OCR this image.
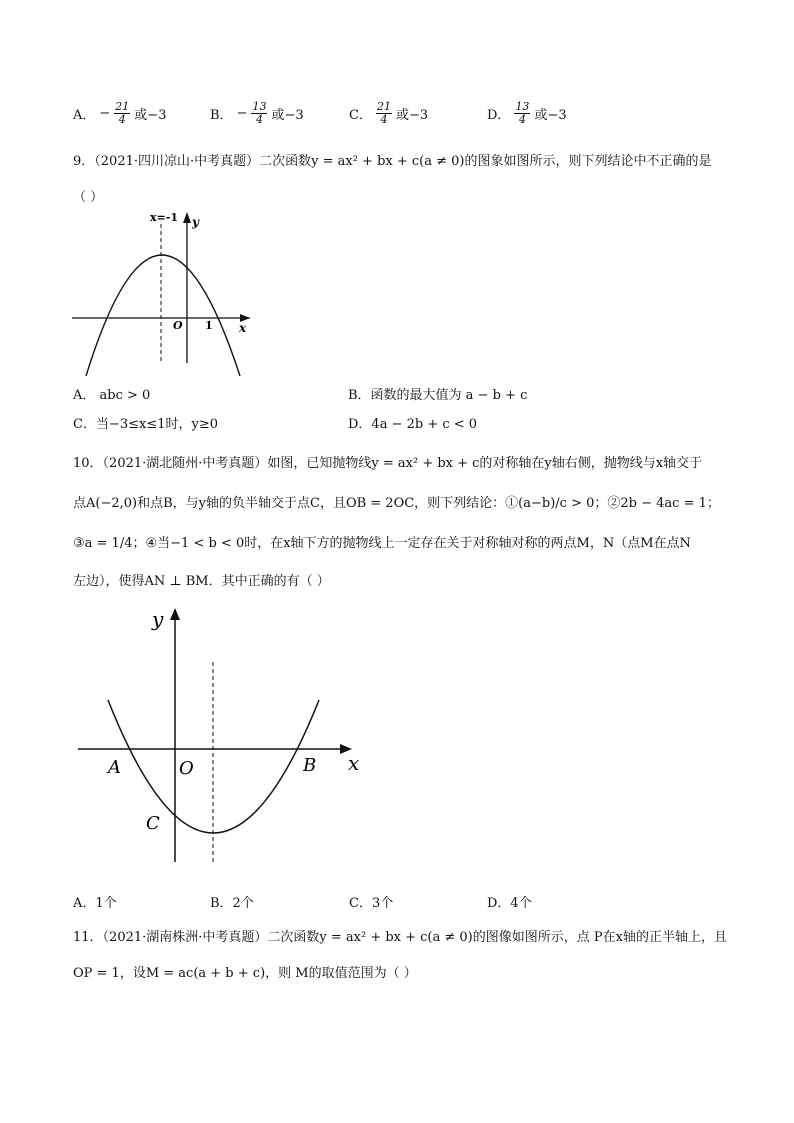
A． − $\frac{21}{4}$ 或−3	B． − $\frac{13}{4}$ 或−3	C． $\frac{21}{4}$ 或−3	D． $\frac{13}{4}$ 或−3
9．（2021·四川凉山·中考真题）二次函数y = ax² + bx + c(a ≠ 0)的图象如图所示，则下列结论中不正确的是
（ ）
x=-1 y
x
O 1
A． abc > 0	B．函数的最大值为 a − b + c
C．当−3≤x≤1时，y≥0	D．4a − 2b + c < 0
10．（2021·湖北随州·中考真题）如图，已知抛物线y = ax² + bx + c的对称轴在y轴右侧，抛物线与x轴交于
点A(−2,0)和点B，与y轴的负半轴交于点C，且OB = 2OC，则下列结论：①(a−b)/c > 0；②2b − 4ac = 1；
③a = 1/4；④当−1 < b < 0时，在x轴下方的抛物线上一定存在关于对称轴对称的两点M，N（点M在点N
左边），使得AN ⊥ BM．其中正确的有（ ）
y
x
A	O	B
C
A．1个	B．2个	C．3个	D．4个
11．（2021·湖南株洲·中考真题）二次函数y = ax² + bx + c(a ≠ 0)的图像如图所示，点 P在x轴的正半轴上，且
OP = 1，设M = ac(a + b + c)，则 M的取值范围为（ ）
